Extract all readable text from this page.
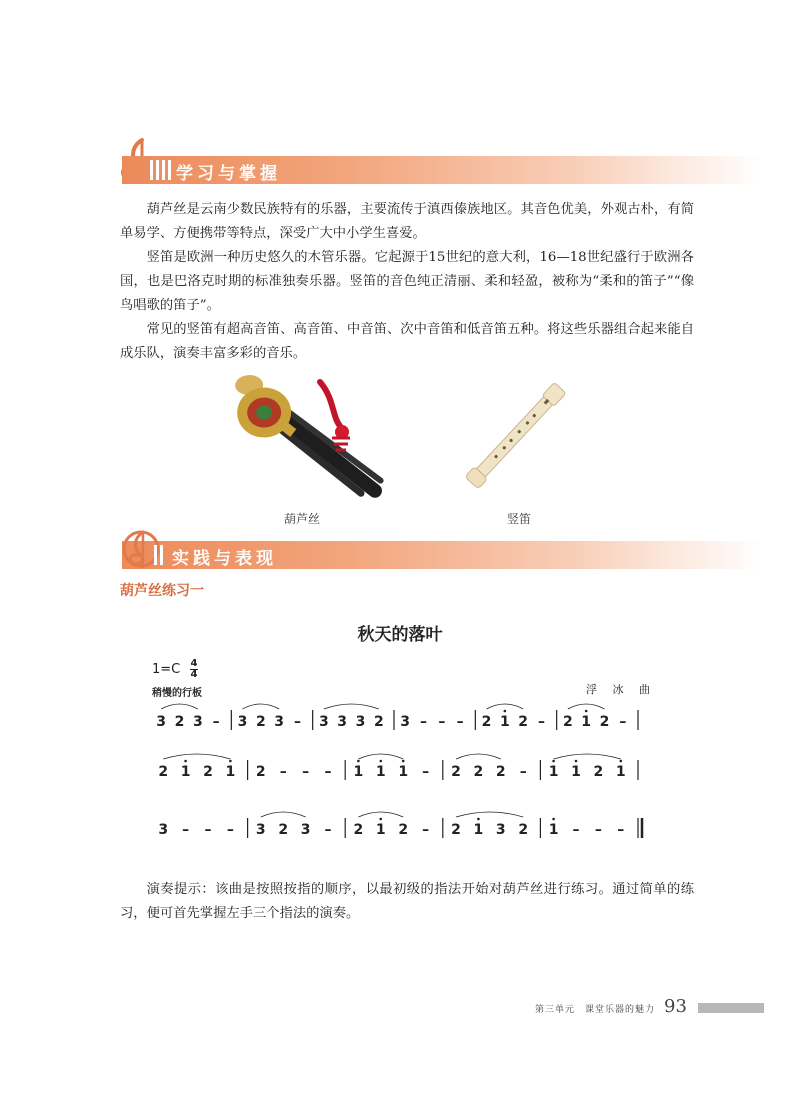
学习与掌握

葫芦丝是云南少数民族特有的乐器，主要流传于滇西傣族地区。其音色优美，外观古朴，有简单易学、方便携带等特点，深受广大中小学生喜爱。

竖笛是欧洲一种历史悠久的木管乐器。它起源于15世纪的意大利，16—18世纪盛行于欧洲各国，也是巴洛克时期的标准独奏乐器。竖笛的音色纯正清丽、柔和轻盈，被称为“柔和的笛子”“像鸟唱歌的笛子”。

常见的竖笛有超高音笛、高音笛、中音笛、次中音笛和低音笛五种。将这些乐器组合起来能自成乐队，演奏丰富多彩的音乐。

葫芦丝	竖笛
实践与表现
葫芦丝练习一
秋天的落叶
1=C 4
4
稍慢的行板	浮 冰 曲
3 2 3 – 3 2 3 – 3 3 3 2 3 – – – 2 1 2 – 2 1 2 –
2 1 2 1 2 – – – 1 1 1 – 2 2 2 – 1 1 2 1
3 – – – 3 2 3 – 2 1 2 – 2 1 3 2 1 – – –

演奏提示：该曲是按照按指的顺序，以最初级的指法开始对葫芦丝进行练习。通过简单的练习，便可首先掌握左手三个指法的演奏。

第三单元　课堂乐器的魅力 93
